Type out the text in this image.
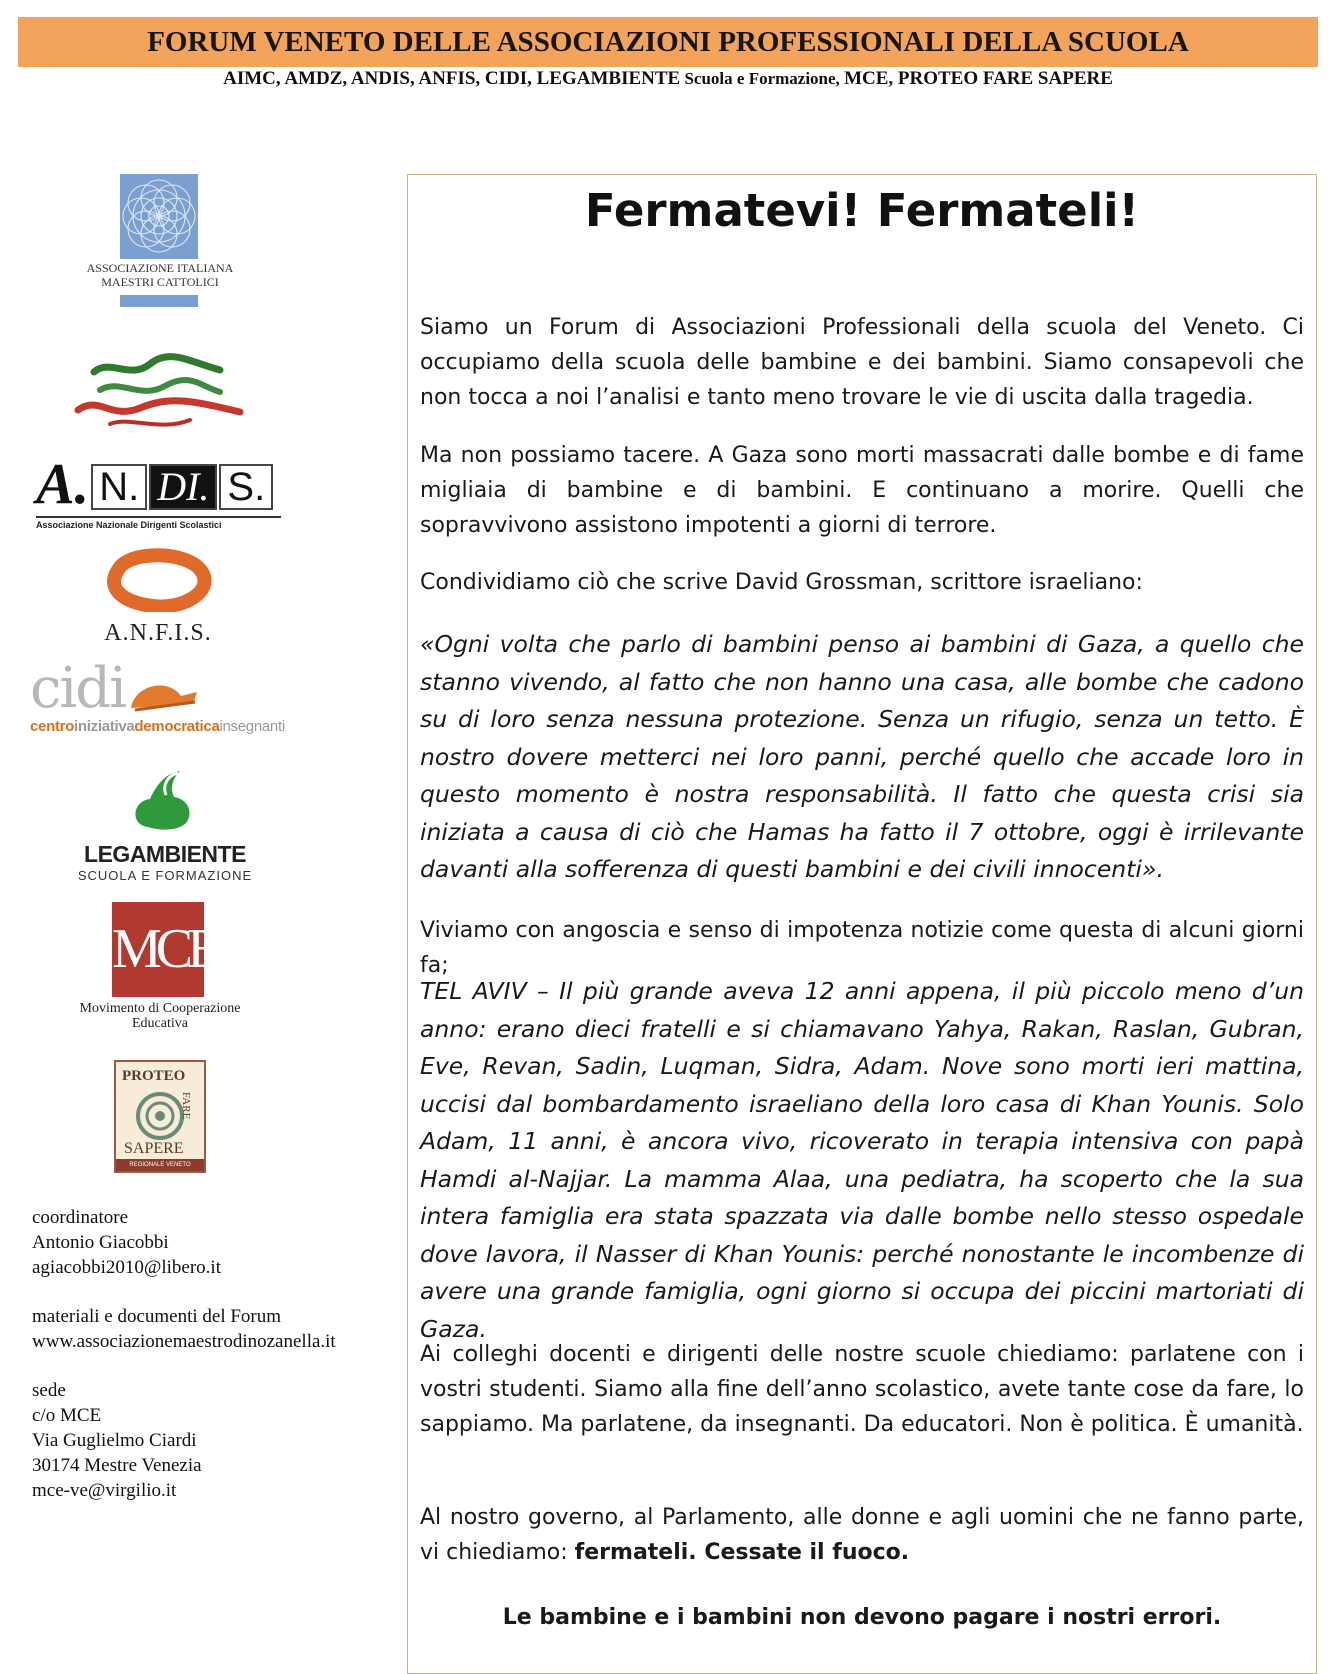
FORUM VENETO DELLE ASSOCIAZIONI PROFESSIONALI DELLA SCUOLA
AIMC, AMDZ, ANDIS, ANFIS, CIDI, LEGAMBIENTE Scuola e Formazione, MCE, PROTEO FARE SAPERE
ASSOCIAZIONE ITALIANA
MAESTRI CATTOLICI
A. N. DI. S.
Associazione Nazionale Dirigenti Scolastici
A.N.F.I.S.
cidi
centroiniziativademocraticainsegnanti
LEGAMBIENTE
SCUOLA E FORMAZIONE
MCE
Movimento di Cooperazione
Educativa
PROTEO
FARE
SAPERE
REGIONALE VENETO
coordinatore
Antonio Giacobbi
agiacobbi2010@libero.it
materiali e documenti del Forum
www.associazionemaestrodinozanella.it
sede
c/o MCE
Via Guglielmo Ciardi
30174 Mestre Venezia
mce-ve@virgilio.it
Fermatevi! Fermateli!

Siamo un Forum di Associazioni Professionali della scuola del Veneto. Ci occupiamo della scuola delle bambine e dei bambini. Siamo consapevoli che non tocca a noi l’analisi e tanto meno trovare le vie di uscita dalla tragedia.

Ma non possiamo tacere. A Gaza sono morti massacrati dalle bombe e di fame migliaia di bambine e di bambini. E continuano a morire. Quelli che sopravvivono assistono impotenti a giorni di terrore.

Condividiamo ciò che scrive David Grossman, scrittore israeliano:

«Ogni volta che parlo di bambini penso ai bambini di Gaza, a quello che stanno vivendo, al fatto che non hanno una casa, alle bombe che cadono su di loro senza nessuna protezione. Senza un rifugio, senza un tetto. È nostro dovere metterci nei loro panni, perché quello che accade loro in questo momento è nostra responsabilità. Il fatto che questa crisi sia iniziata a causa di ciò che Hamas ha fatto il 7 ottobre, oggi è irrilevante davanti alla sofferenza di questi bambini e dei civili innocenti».

Viviamo con angoscia e senso di impotenza notizie come questa di alcuni giorni fa;

TEL AVIV – Il più grande aveva 12 anni appena, il più piccolo meno d’un anno: erano dieci fratelli e si chiamavano Yahya, Rakan, Raslan, Gubran, Eve, Revan, Sadin, Luqman, Sidra, Adam. Nove sono morti ieri mattina, uccisi dal bombardamento israeliano della loro casa di Khan Younis. Solo Adam, 11 anni, è ancora vivo, ricoverato in terapia intensiva con papà Hamdi al-Najjar. La mamma Alaa, una pediatra, ha scoperto che la sua intera famiglia era stata spazzata via dalle bombe nello stesso ospedale dove lavora, il Nasser di Khan Younis: perché nonostante le incombenze di avere una grande famiglia, ogni giorno si occupa dei piccini martoriati di Gaza.

Ai colleghi docenti e dirigenti delle nostre scuole chiediamo: parlatene con i vostri studenti. Siamo alla fine dell’anno scolastico, avete tante cose da fare, lo sappiamo. Ma parlatene, da insegnanti. Da educatori. Non è politica. È umanità.

Al nostro governo, al Parlamento, alle donne e agli uomini che ne fanno parte, vi chiediamo: fermateli. Cessate il fuoco.

Le bambine e i bambini non devono pagare i nostri errori.
